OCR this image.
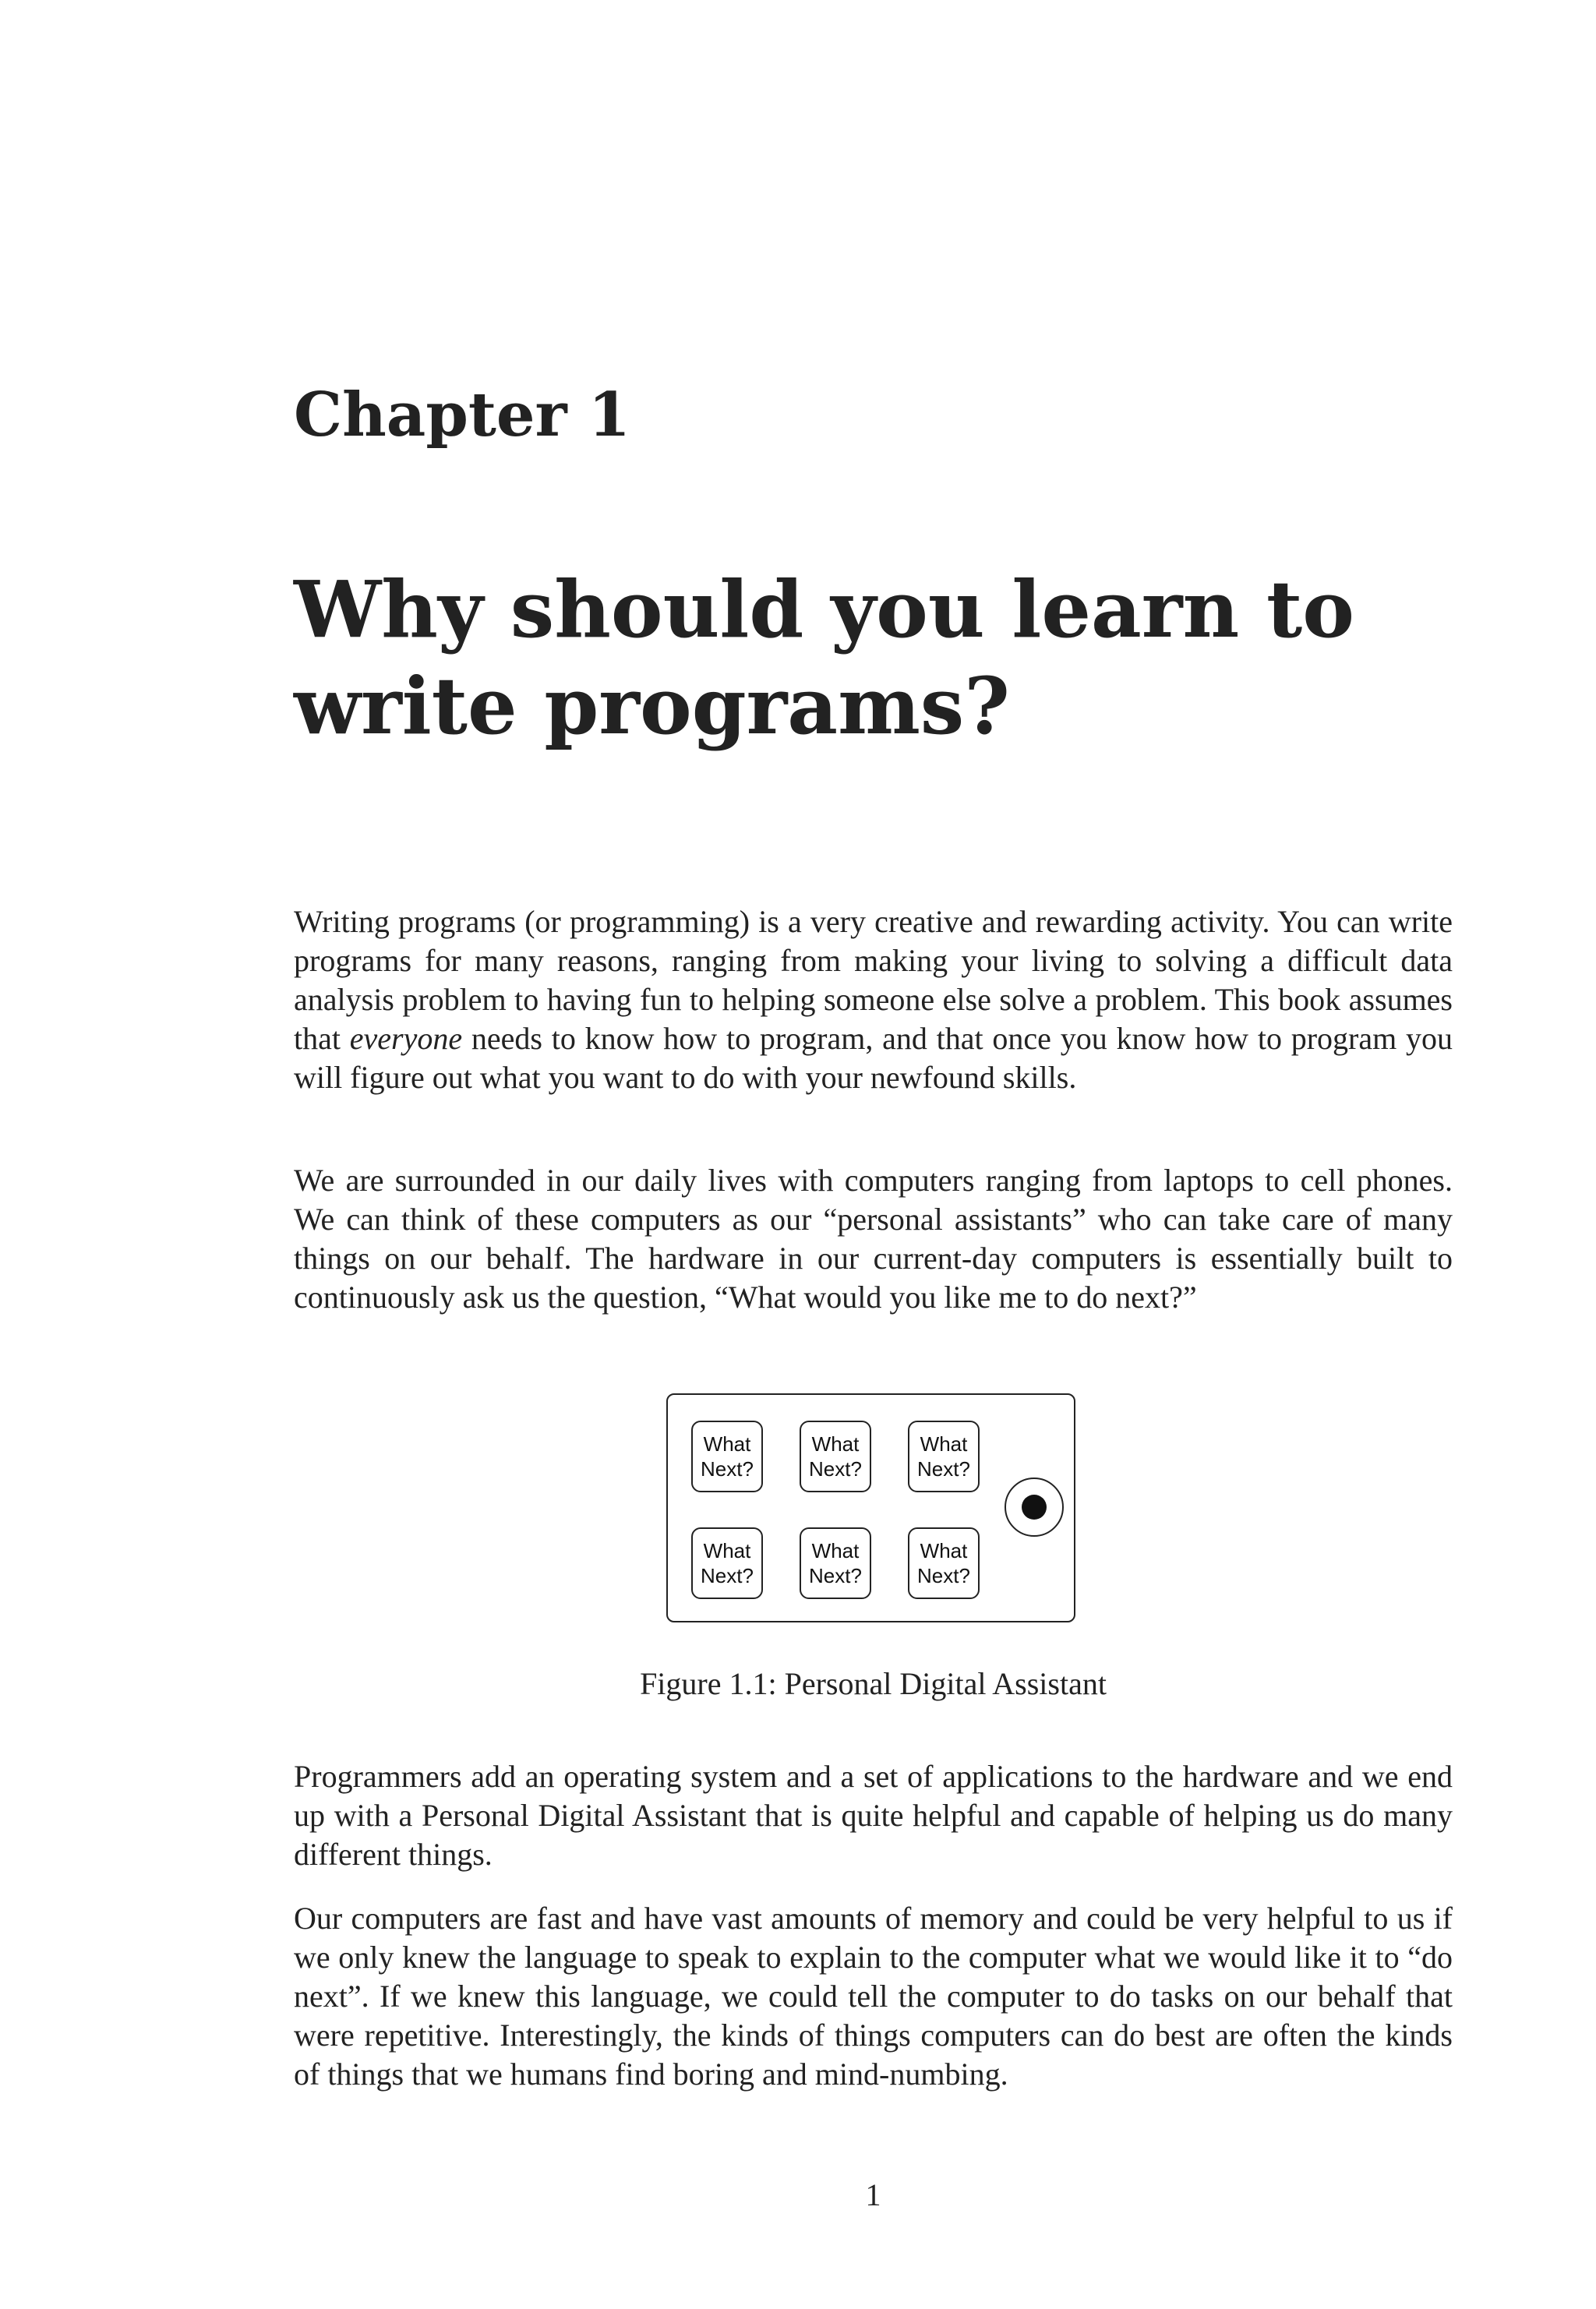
Chapter 1
Why should you learn to write programs?

Writing programs (or programming) is a very creative and rewarding activity. You can write programs for many reasons, ranging from making your living to solving a difficult data analysis problem to having fun to helping someone else solve a problem. This book assumes that everyone needs to know how to program, and that once you know how to program you will figure out what you want to do with your newfound skills.

We are surrounded in our daily lives with computers ranging from laptops to cell phones. We can think of these computers as our “personal assistants” who can take care of many things on our behalf. The hardware in our current-day computers is essentially built to continuously ask us the question, “What would you like me to do next?”

What
Next?
What
Next?
What
Next?
What
Next?
What
Next?
What
Next?

Figure 1.1: Personal Digital Assistant

Programmers add an operating system and a set of applications to the hardware and we end up with a Personal Digital Assistant that is quite helpful and capable of helping us do many different things.

Our computers are fast and have vast amounts of memory and could be very helpful to us if we only knew the language to speak to explain to the computer what we would like it to “do next”. If we knew this language, we could tell the computer to do tasks on our behalf that were repetitive. Interestingly, the kinds of things computers can do best are often the kinds of things that we humans find boring and mind-numbing.

1
